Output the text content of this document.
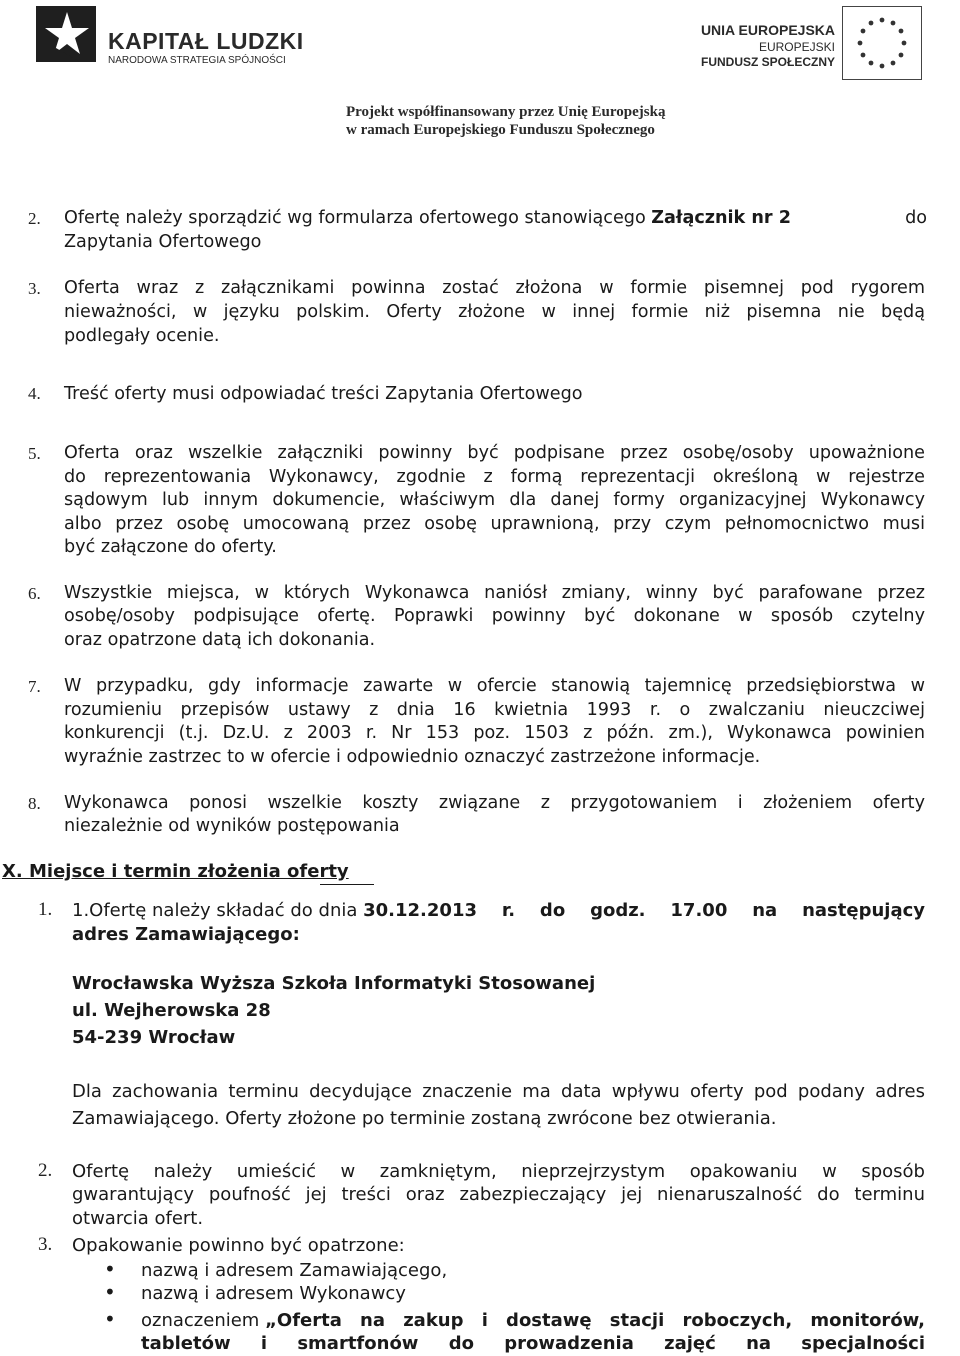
KAPITAŁ LUDZKI
NARODOWA STRATEGIA SPÓJNOŚCI
UNIA EUROPEJSKA
EUROPEJSKI
FUNDUSZ SPOŁECZNY
Projekt współfinansowany przez Unię Europejską
w ramach Europejskiego Funduszu Społecznego
2. Ofertę należy sporządzić wg formularza ofertowego stanowiącego Załącznik nr 2	do
Zapytania Ofertowego
3. Oferta wraz z załącznikami powinna zostać złożona w formie pisemnej pod rygorem
nieważności, w języku polskim. Oferty złożone w innej formie niż pisemna nie będą
podlegały ocenie.
4. Treść oferty musi odpowiadać treści Zapytania Ofertowego
5. Oferta oraz wszelkie załączniki powinny być podpisane przez osobę/osoby upoważnione
do reprezentowania Wykonawcy, zgodnie z formą reprezentacji określoną w rejestrze
sądowym lub innym dokumencie, właściwym dla danej formy organizacyjnej Wykonawcy
albo przez osobę umocowaną przez osobę uprawnioną, przy czym pełnomocnictwo musi
być załączone do oferty.
6. Wszystkie miejsca, w których Wykonawca naniósł zmiany, winny być parafowane przez
osobę/osoby podpisujące ofertę. Poprawki powinny być dokonane w sposób czytelny
oraz opatrzone datą ich dokonania.
7. W przypadku, gdy informacje zawarte w ofercie stanowią tajemnicę przedsiębiorstwa w
rozumieniu przepisów ustawy z dnia 16 kwietnia 1993 r. o zwalczaniu nieuczciwej
konkurencji (t.j. Dz.U. z 2003 r. Nr 153 poz. 1503 z późn. zm.), Wykonawca powinien
wyraźnie zastrzec to w ofercie i odpowiednio oznaczyć zastrzeżone informacje.
8. Wykonawca ponosi wszelkie koszty związane z przygotowaniem i złożeniem oferty
niezależnie od wyników postępowania
X. Miejsce i termin złożenia oferty
1. 1.Ofertę należy składać do dnia 30.12.2013 r. do godz. 17.00 na następujący
adres Zamawiającego:
Wrocławska Wyższa Szkoła Informatyki Stosowanej
ul. Wejherowska 28
54-239 Wrocław
Dla zachowania terminu decydujące znaczenie ma data wpływu oferty pod podany adres
Zamawiającego. Oferty złożone po terminie zostaną zwrócone bez otwierania.
2. Ofertę należy umieścić w zamkniętym, nieprzejrzystym opakowaniu w sposób
gwarantujący poufność jej treści oraz zabezpieczający jej nienaruszalność do terminu
otwarcia ofert.
3. Opakowanie powinno być opatrzone:
• nazwą i adresem Zamawiającego,
• nazwą i adresem Wykonawcy
• oznaczeniem „Oferta na zakup i dostawę stacji roboczych, monitorów,
tabletów i smartfonów do prowadzenia zajęć na specjalności
